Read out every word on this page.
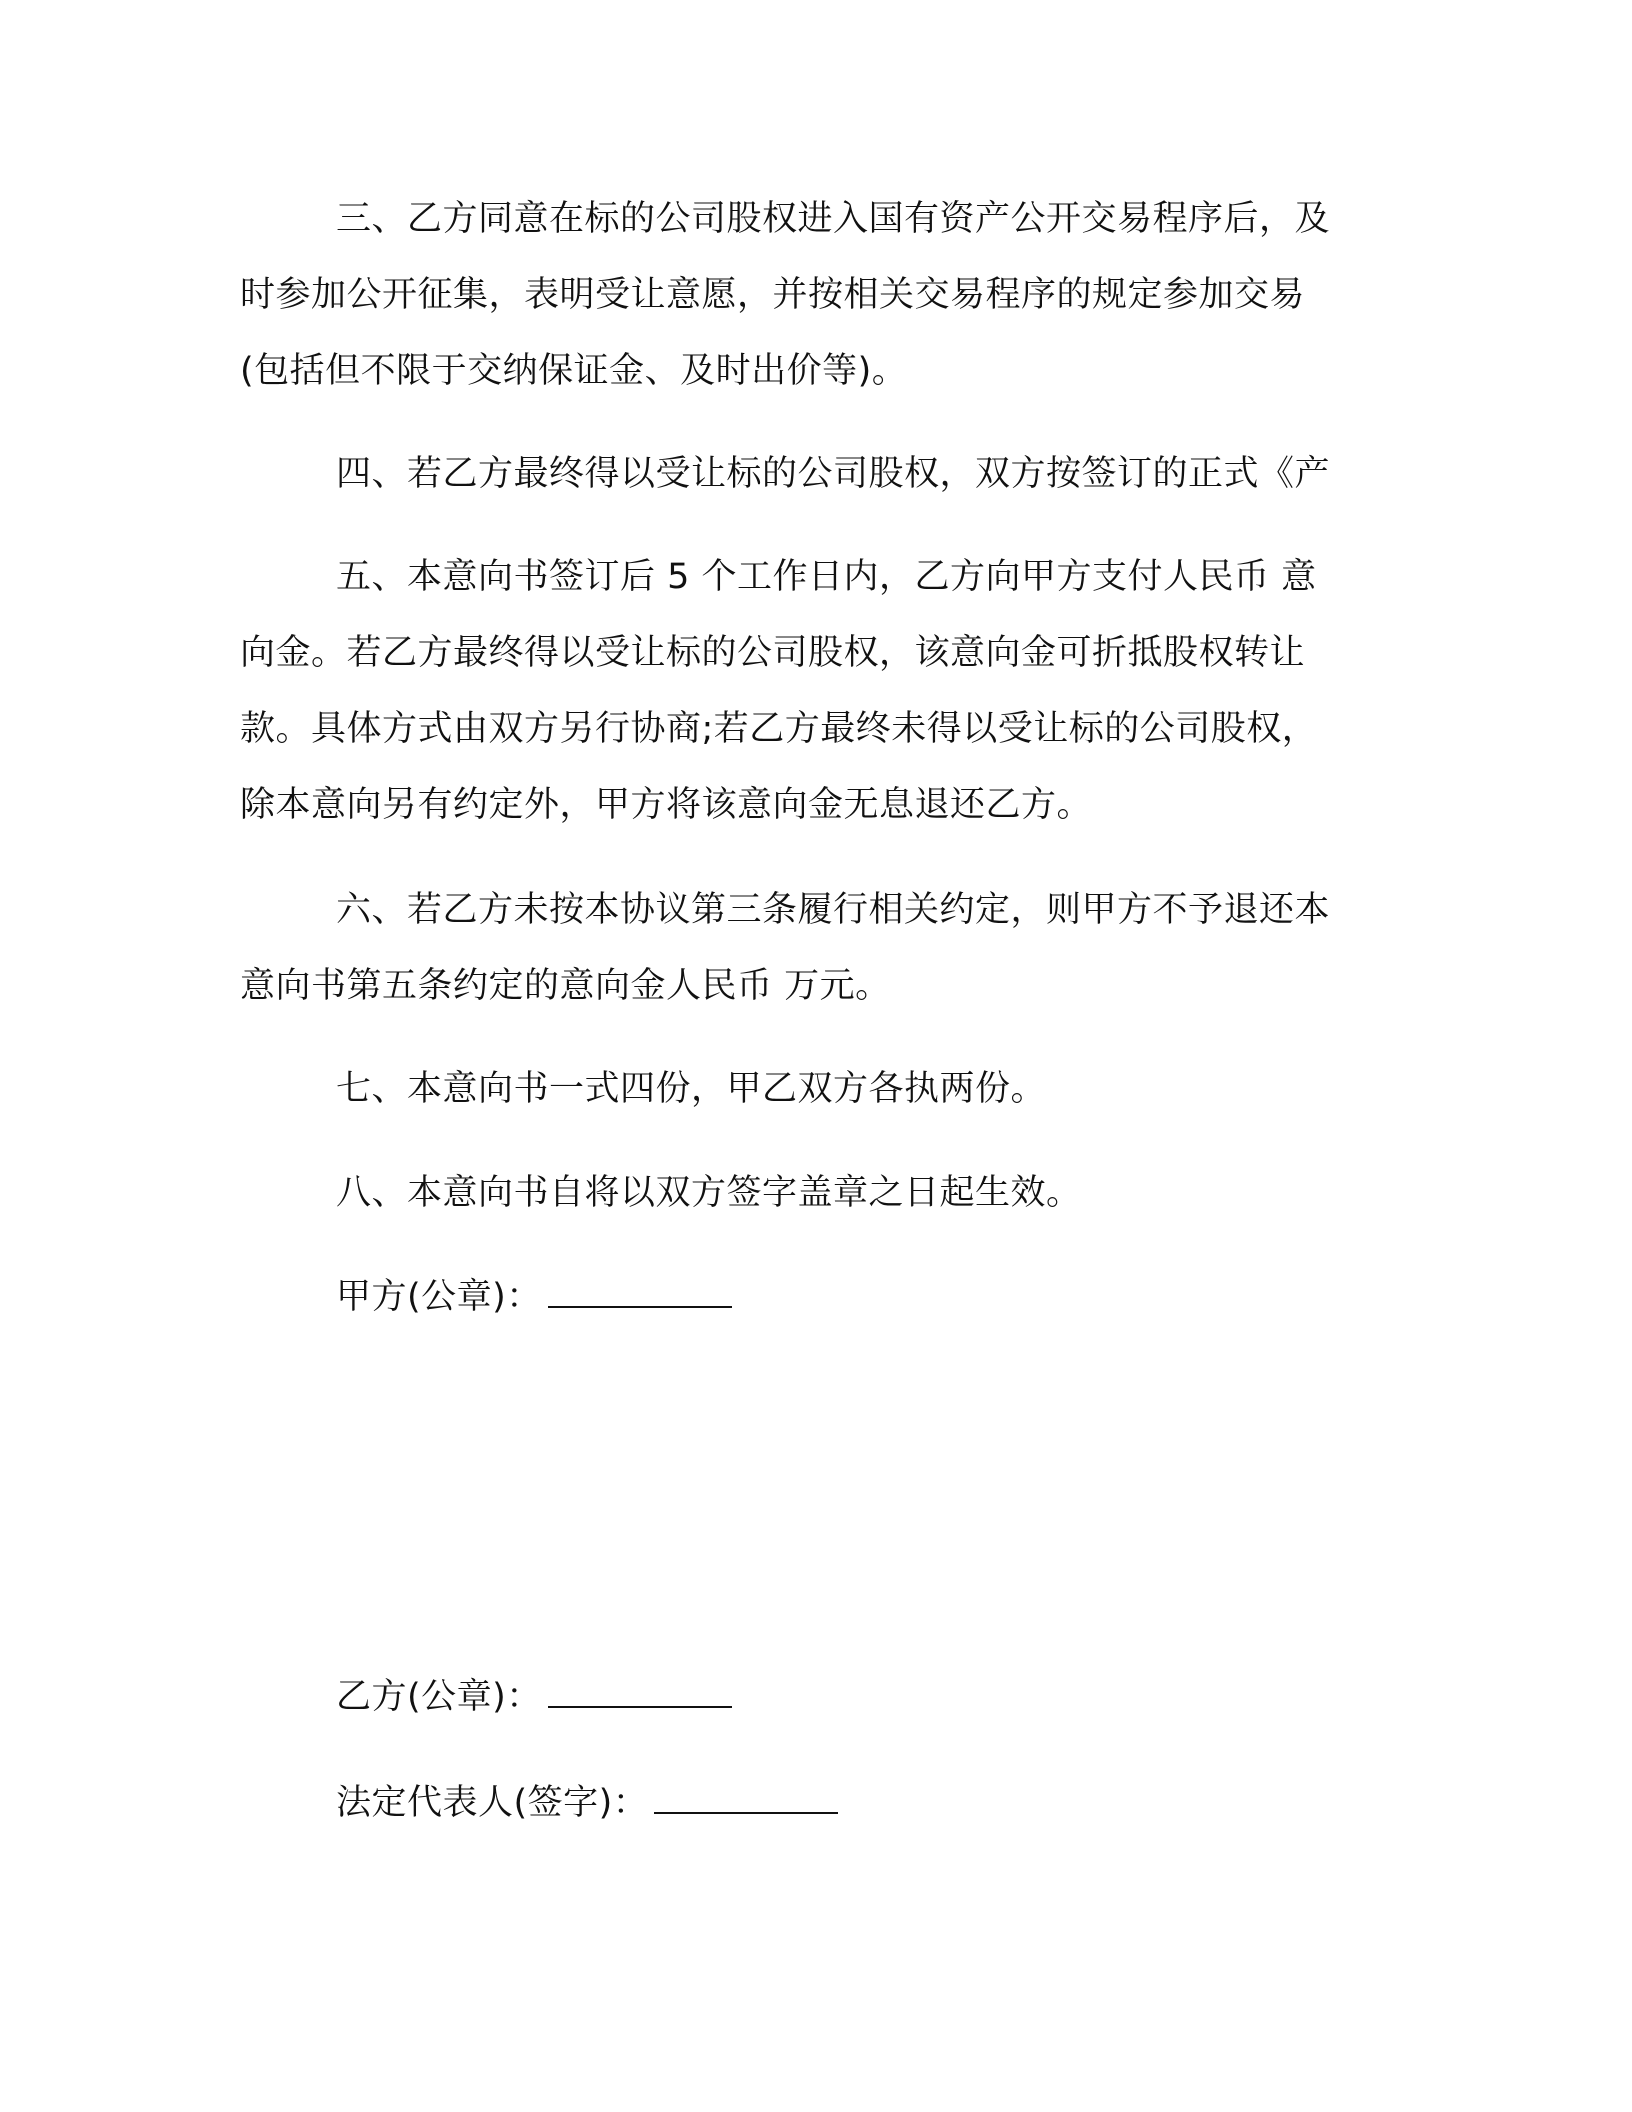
三、乙方同意在标的公司股权进入国有资产公开交易程序后，及
时参加公开征集，表明受让意愿，并按相关交易程序的规定参加交易
(包括但不限于交纳保证金、及时出价等)。
四、若乙方最终得以受让标的公司股权，双方按签订的正式《产
五、本意向书签订后 5 个工作日内，乙方向甲方支付人民币 意
向金。若乙方最终得以受让标的公司股权，该意向金可折抵股权转让
款。具体方式由双方另行协商;若乙方最终未得以受让标的公司股权，
除本意向另有约定外，甲方将该意向金无息退还乙方。
六、若乙方未按本协议第三条履行相关约定，则甲方不予退还本
意向书第五条约定的意向金人民币 万元。
七、本意向书一式四份，甲乙双方各执两份。
八、本意向书自将以双方签字盖章之日起生效。
甲方(公章)：
乙方(公章)：
法定代表人(签字)：
